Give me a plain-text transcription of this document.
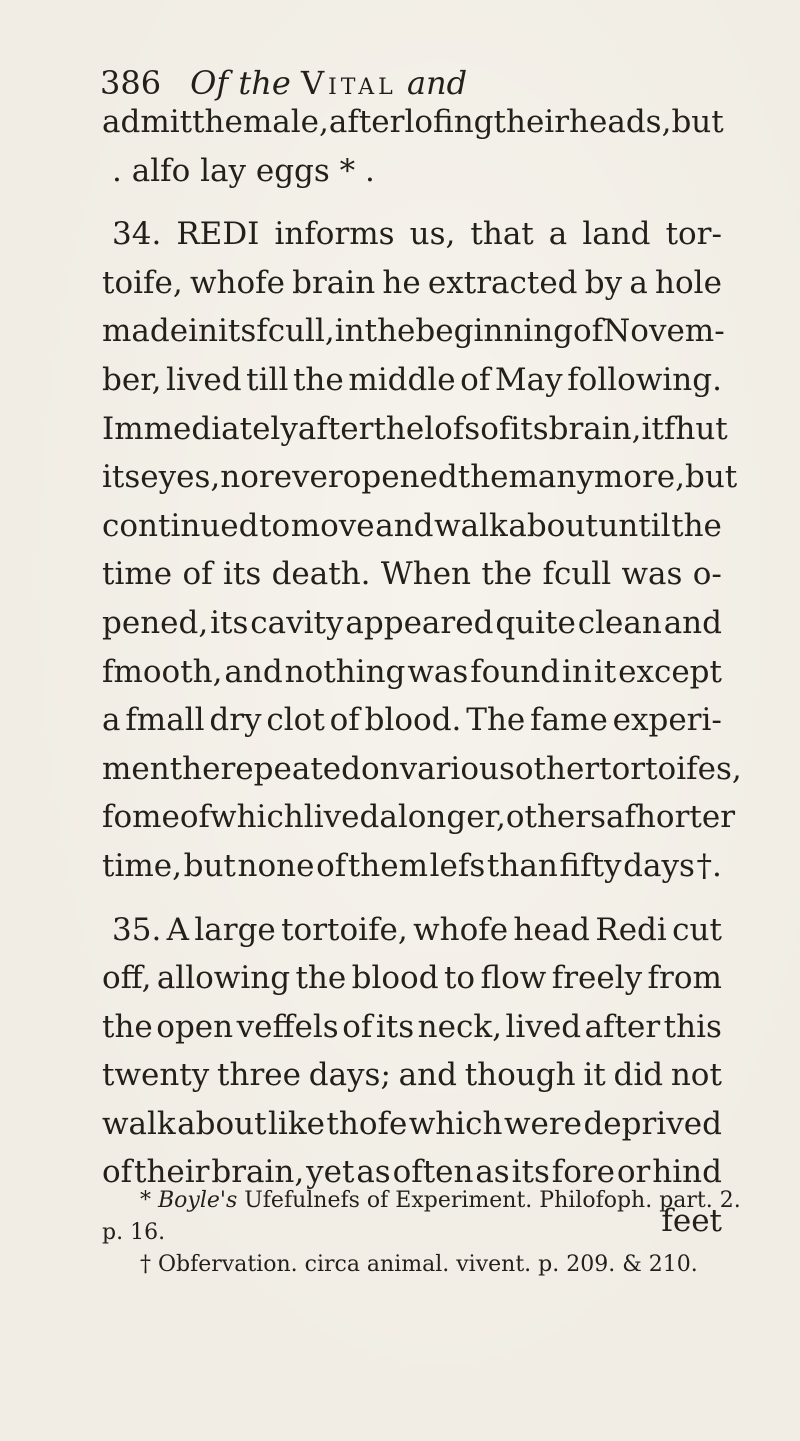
386 Of the Vital and
admit the male, after lofing their heads, but
. alfo lay eggs * .
34. REDI informs us, that a land tor-
toife, whofe brain he extracted by a hole
made in its fcull, in the beginning of Novem-
ber, lived till the middle of May following.
Immediately after the lofs of its brain, it fhut
its eyes, nor ever opened them any more, but
continued to move and walk about until the
time of its death. When the fcull was o-
pened, its cavity appeared quite clean and
fmooth, and nothing was found in it except
a fmall dry clot of blood. The fame experi-
ment he repeated on various other tortoifes,
fome of which lived a longer, others a fhorter
time, but none of them lefs than fifty days †.
35. A large tortoife, whofe head Redi cut
off, allowing the blood to flow freely from
the open veffels of its neck, lived after this
twenty three days; and though it did not
walk about like thofe which were deprived
of their brain, yet as often as its fore or hind
feet
* Boyle's Ufefulnefs of Experiment. Philofoph. part. 2.
p. 16.
† Obfervation. circa animal. vivent. p. 209. & 210.
